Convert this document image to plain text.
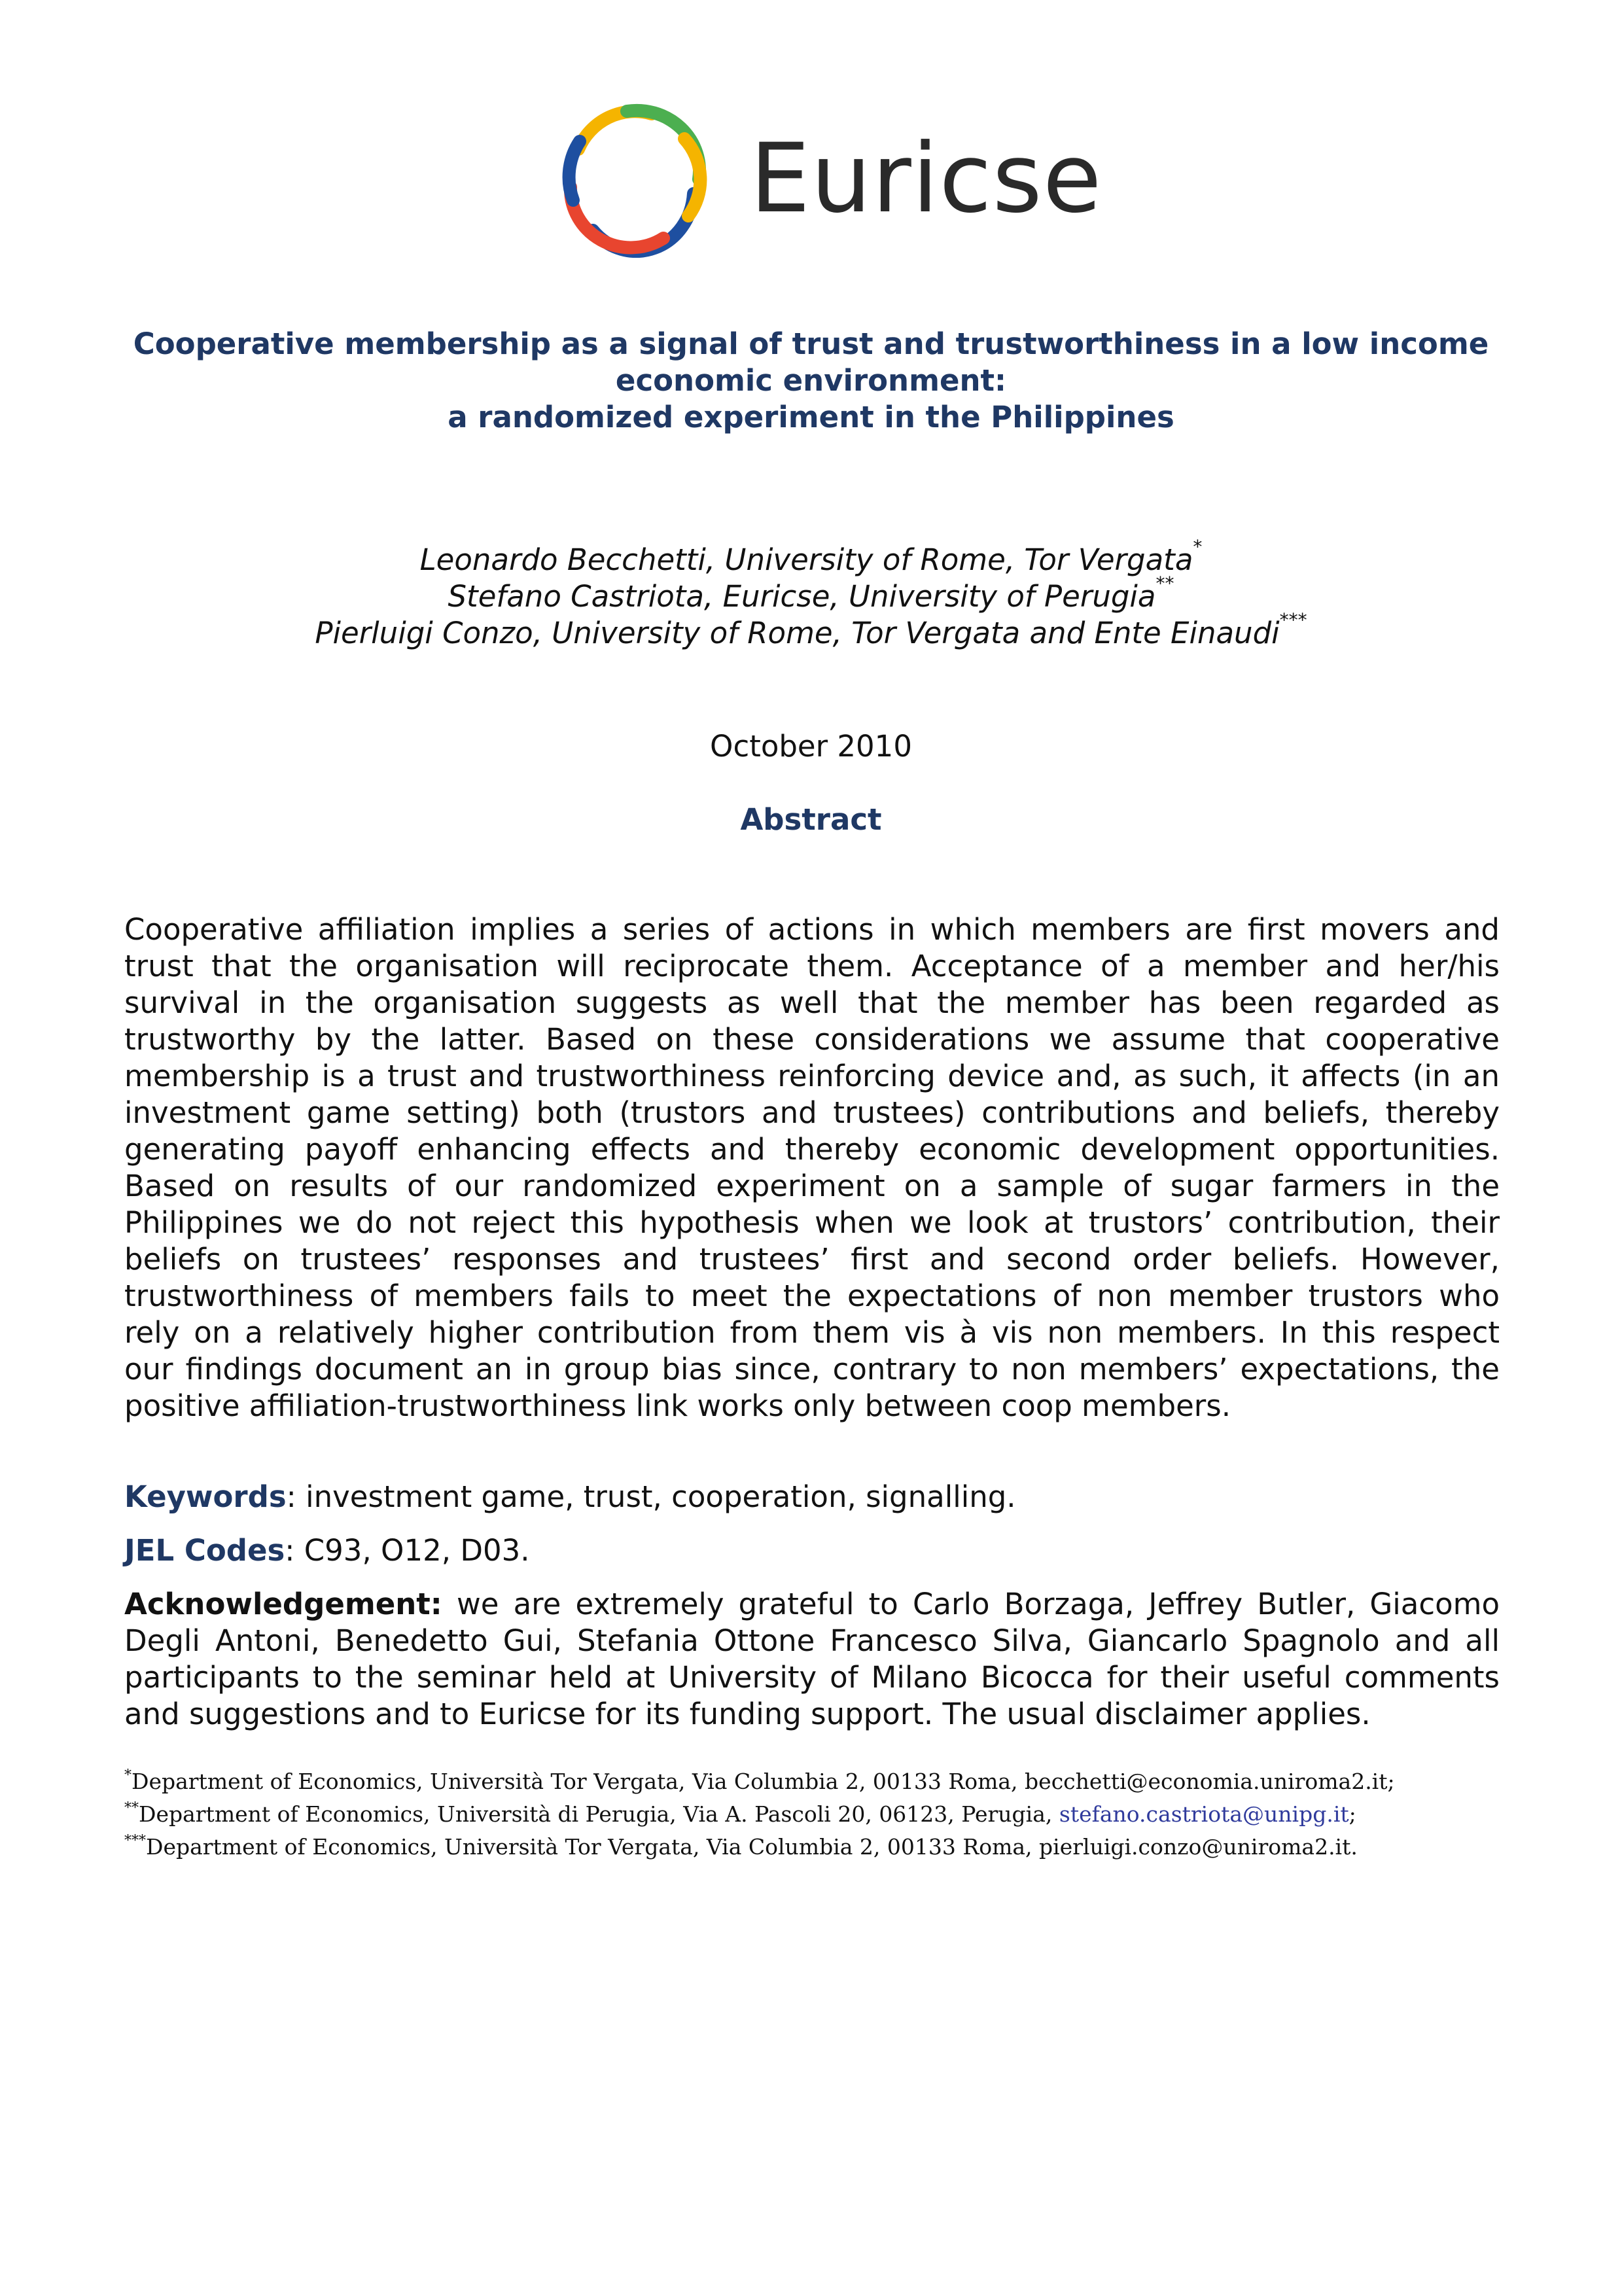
Euricse
Cooperative membership as a signal of trust and trustworthiness in a low income
economic environment:
a randomized experiment in the Philippines
Leonardo Becchetti, University of Rome, Tor Vergata*
Stefano Castriota, Euricse, University of Perugia**
Pierluigi Conzo, University of Rome, Tor Vergata and Ente Einaudi***
October 2010
Abstract
Cooperative affiliation implies a series of actions in which members are first movers and
trust that the organisation will reciprocate them. Acceptance of a member and her/his
survival in the organisation suggests as well that the member has been regarded as
trustworthy by the latter. Based on these considerations we assume that cooperative
membership is a trust and trustworthiness reinforcing device and, as such, it affects (in an
investment game setting) both (trustors and trustees) contributions and beliefs, thereby
generating payoff enhancing effects and thereby economic development opportunities.
Based on results of our randomized experiment on a sample of sugar farmers in the
Philippines we do not reject this hypothesis when we look at trustors’ contribution, their
beliefs on trustees’ responses and trustees’ first and second order beliefs. However,
trustworthiness of members fails to meet the expectations of non member trustors who
rely on a relatively higher contribution from them vis à vis non members. In this respect
our findings document an in group bias since, contrary to non members’ expectations, the
positive affiliation-trustworthiness link works only between coop members.
Keywords: investment game, trust, cooperation, signalling.
JEL Codes: C93, O12, D03.
Acknowledgement: we are extremely grateful to Carlo Borzaga, Jeffrey Butler, Giacomo
Degli Antoni, Benedetto Gui, Stefania Ottone Francesco Silva, Giancarlo Spagnolo and all
participants to the seminar held at University of Milano Bicocca for their useful comments
and suggestions and to Euricse for its funding support. The usual disclaimer applies.
*Department of Economics, Università Tor Vergata, Via Columbia 2, 00133 Roma, becchetti@economia.uniroma2.it;
**Department of Economics, Università di Perugia, Via A. Pascoli 20, 06123, Perugia, stefano.castriota@unipg.it;
***Department of Economics, Università Tor Vergata, Via Columbia 2, 00133 Roma, pierluigi.conzo@uniroma2.it.
